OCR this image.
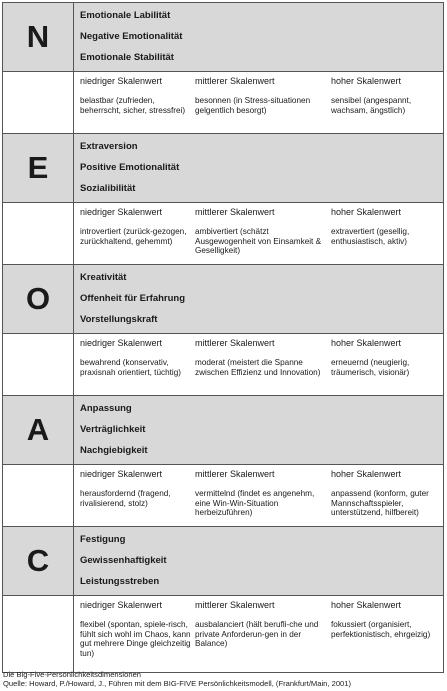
N
Emotionale Labilität
Negative Emotionalität
Emotionale Stabilität
niedriger Skalenwert
belastbar (zufrieden, beherrscht, sicher, stressfrei)
mittlerer Skalenwert
besonnen (in Stress-situationen gelgentlich besorgt)
hoher Skalenwert
sensibel (angespannt, wachsam, ängstlich)
E
Extraversion
Positive Emotionalität
Sozialibilität
niedriger Skalenwert
introvertiert (zurück-gezogen, zurückhaltend, gehemmt)
mittlerer Skalenwert
ambivertiert (schätzt Ausgewogenheit von Einsamkeit & Geselligkeit)
hoher Skalenwert
extravertiert (gesellig, enthusiastisch, aktiv)
O
Kreativität
Offenheit für Erfahrung
Vorstellungskraft
niedriger Skalenwert
bewahrend (konservativ, praxisnah orientiert, tüchtig)
mittlerer Skalenwert
moderat (meistert die Spanne zwischen Effizienz und Innovation)
hoher Skalenwert
erneuernd (neugierig, träumerisch, visionär)
A
Anpassung
Verträglichkeit
Nachgiebigkeit
niedriger Skalenwert
herausfordernd (fragend, rivalisierend, stolz)
mittlerer Skalenwert
vermittelnd (findet es angenehm, eine Win-Win-Situation herbeizuführen)
hoher Skalenwert
anpassend (konform, guter Mannschaftsspieler, unterstützend, hilfbereit)
C
Festigung
Gewissenhaftigkeit
Leistungsstreben
niedriger Skalenwert
flexibel (spontan, spiele-risch, fühlt sich wohl im Chaos, kann gut mehrere Dinge gleichzeitig tun)
mittlerer Skalenwert
ausbalanciert (hält berufli-che und private Anforderun-gen in der Balance)
hoher Skalenwert
fokussiert (organisiert, perfektionistisch, ehrgeizig)
Die Big-Five-Persönlichkeitsdimensionen
Quelle: Howard, P./Howard, J., Führen mit dem BIG-FIVE Persönlichkeitsmodell, (Frankfurt/Main, 2001)
